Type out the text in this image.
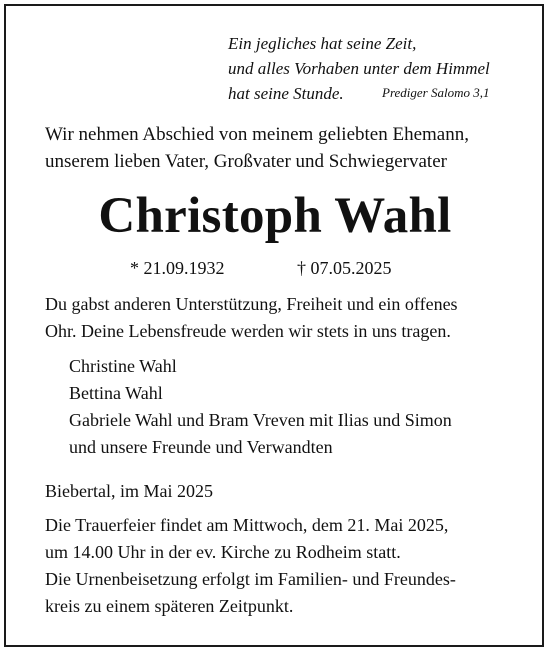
Ein jegliches hat seine Zeit,
und alles Vorhaben unter dem Himmel
hat seine Stunde.	Prediger Salomo 3,1
Wir nehmen Abschied von meinem geliebten Ehemann,
unserem lieben Vater, Großvater und Schwiegervater
Christoph Wahl
* 21.09.1932	† 07.05.2025
Du gabst anderen Unterstützung, Freiheit und ein offenes
Ohr. Deine Lebensfreude werden wir stets in uns tragen.
Christine Wahl
Bettina Wahl
Gabriele Wahl und Bram Vreven mit Ilias und Simon
und unsere Freunde und Verwandten
Biebertal, im Mai 2025
Die Trauerfeier findet am Mittwoch, dem 21. Mai 2025,
um 14.00 Uhr in der ev. Kirche zu Rodheim statt.
Die Urnenbeisetzung erfolgt im Familien- und Freundes-
kreis zu einem späteren Zeitpunkt.
